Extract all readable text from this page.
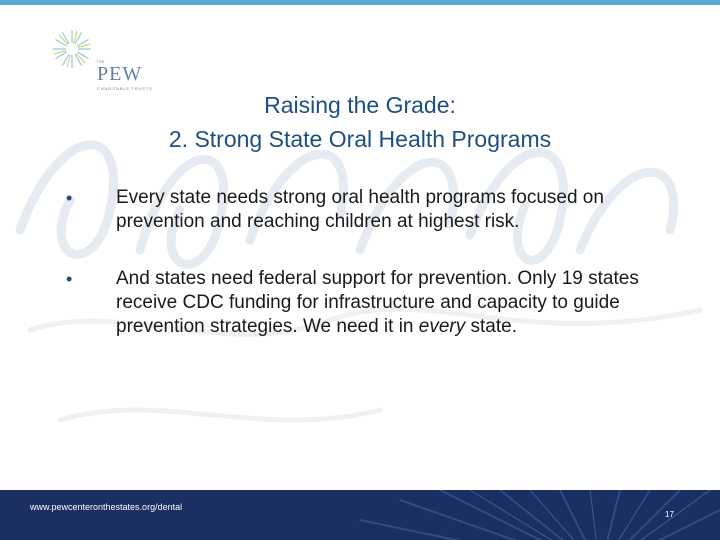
THE
PEW
CHARITABLE TRUSTS
Raising the Grade:
2. Strong State Oral Health Programs
• Every state needs strong oral health programs focused on prevention and reaching children at highest risk.
• And states need federal support for prevention. Only 19 states receive CDC funding for infrastructure and capacity to guide prevention strategies. We need it in every state.
www.pewcenteronthestates.org/dental
17
